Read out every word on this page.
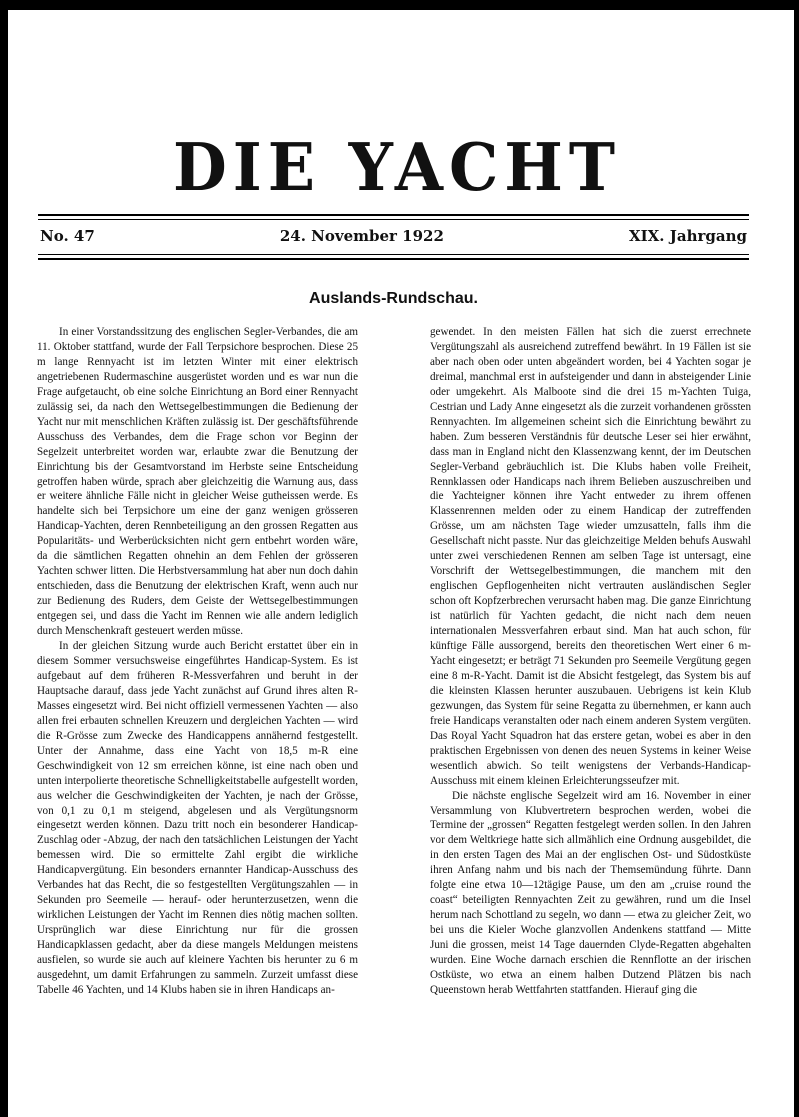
DIE YACHT
No. 47	24. November 1922	XIX. Jahrgang
Auslands-Rundschau.

In einer Vorstandssitzung des englischen Segler-Verbandes, die am 11. Oktober stattfand, wurde der Fall Terpsichore besprochen. Diese 25 m lange Rennyacht ist im letzten Winter mit einer elektrisch angetriebenen Rudermaschine ausgerüstet worden und es war nun die Frage aufgetaucht, ob eine solche Einrichtung an Bord einer Rennyacht zulässig sei, da nach den Wettsegelbestimmungen die Bedienung der Yacht nur mit menschlichen Kräften zulässig ist. Der geschäftsführende Ausschuss des Verbandes, dem die Frage schon vor Beginn der Segelzeit unterbreitet worden war, erlaubte zwar die Benutzung der Einrichtung bis der Gesamtvorstand im Herbste seine Entscheidung getroffen haben würde, sprach aber gleichzeitig die Warnung aus, dass er weitere ähnliche Fälle nicht in gleicher Weise gutheissen werde. Es handelte sich bei Terpsichore um eine der ganz wenigen grösseren Handicap-Yachten, deren Rennbeteiligung an den grossen Regatten aus Popularitäts- und Werberücksichten nicht gern entbehrt worden wäre, da die sämtlichen Regatten ohnehin an dem Fehlen der grösseren Yachten schwer litten. Die Herbstversammlung hat aber nun doch dahin entschieden, dass die Benutzung der elektrischen Kraft, wenn auch nur zur Bedienung des Ruders, dem Geiste der Wettsegelbestimmungen entgegen sei, und dass die Yacht im Rennen wie alle andern lediglich durch Menschenkraft gesteuert werden müsse.

In der gleichen Sitzung wurde auch Bericht erstattet über ein in diesem Sommer versuchsweise eingeführtes Handicap-System. Es ist aufgebaut auf dem früheren R-Messverfahren und beruht in der Hauptsache darauf, dass jede Yacht zunächst auf Grund ihres alten R-Masses eingesetzt wird. Bei nicht offiziell vermessenen Yachten — also allen frei erbauten schnellen Kreuzern und dergleichen Yachten — wird die R-Grösse zum Zwecke des Handicappens annähernd festgestellt. Unter der Annahme, dass eine Yacht von 18,5 m-R eine Geschwindigkeit von 12 sm erreichen könne, ist eine nach oben und unten interpolierte theoretische Schnelligkeitstabelle aufgestellt worden, aus welcher die Geschwindigkeiten der Yachten, je nach der Grösse, von 0,1 zu 0,1 m steigend, abgelesen und als Vergütungsnorm eingesetzt werden können. Dazu tritt noch ein besonderer Handicap-Zuschlag oder -Abzug, der nach den tatsächlichen Leistungen der Yacht bemessen wird. Die so ermittelte Zahl ergibt die wirkliche Handicapvergütung. Ein besonders ernannter Handicap-Ausschuss des Verbandes hat das Recht, die so festgestellten Vergütungszahlen — in Sekunden pro Seemeile — herauf- oder herunterzusetzen, wenn die wirklichen Leistungen der Yacht im Rennen dies nötig machen sollten. Ursprünglich war diese Einrichtung nur für die grossen Handicapklassen gedacht, aber da diese mangels Meldungen meistens ausfielen, so wurde sie auch auf kleinere Yachten bis herunter zu 6 m ausgedehnt, um damit Erfahrungen zu sammeln. Zurzeit umfasst diese Tabelle 46 Yachten, und 14 Klubs haben sie in ihren Handicaps an-

gewendet. In den meisten Fällen hat sich die zuerst errechnete Vergütungszahl als ausreichend zutreffend bewährt. In 19 Fällen ist sie aber nach oben oder unten abgeändert worden, bei 4 Yachten sogar je dreimal, manchmal erst in aufsteigender und dann in absteigender Linie oder umgekehrt. Als Malboote sind die drei 15 m-Yachten Tuiga, Cestrian und Lady Anne eingesetzt als die zurzeit vorhandenen grössten Rennyachten. Im allgemeinen scheint sich die Einrichtung bewährt zu haben. Zum besseren Verständnis für deutsche Leser sei hier erwähnt, dass man in England nicht den Klassenzwang kennt, der im Deutschen Segler-Verband gebräuchlich ist. Die Klubs haben volle Freiheit, Rennklassen oder Handicaps nach ihrem Belieben auszuschreiben und die Yachteigner können ihre Yacht entweder zu ihrem offenen Klassenrennen melden oder zu einem Handicap der zutreffenden Grösse, um am nächsten Tage wieder umzusatteln, falls ihm die Gesellschaft nicht passte. Nur das gleichzeitige Melden behufs Auswahl unter zwei verschiedenen Rennen am selben Tage ist untersagt, eine Vorschrift der Wettsegelbestimmungen, die manchem mit den englischen Gepflogenheiten nicht vertrauten ausländischen Segler schon oft Kopfzerbrechen verursacht haben mag. Die ganze Einrichtung ist natürlich für Yachten gedacht, die nicht nach dem neuen internationalen Messverfahren erbaut sind. Man hat auch schon, für künftige Fälle aussorgend, bereits den theoretischen Wert einer 6 m-Yacht eingesetzt; er beträgt 71 Sekunden pro Seemeile Vergütung gegen eine 8 m-R-Yacht. Damit ist die Absicht festgelegt, das System bis auf die kleinsten Klassen herunter auszubauen. Uebrigens ist kein Klub gezwungen, das System für seine Regatta zu übernehmen, er kann auch freie Handicaps veranstalten oder nach einem anderen System vergüten. Das Royal Yacht Squadron hat das erstere getan, wobei es aber in den praktischen Ergebnissen von denen des neuen Systems in keiner Weise wesentlich abwich. So teilt wenigstens der Verbands-Handicap-Ausschuss mit einem kleinen Erleichterungsseufzer mit.

Die nächste englische Segelzeit wird am 16. November in einer Versammlung von Klubvertretern besprochen werden, wobei die Termine der „grossen“ Regatten festgelegt werden sollen. In den Jahren vor dem Weltkriege hatte sich allmählich eine Ordnung ausgebildet, die in den ersten Tagen des Mai an der englischen Ost- und Südostküste ihren Anfang nahm und bis nach der Themsemündung führte. Dann folgte eine etwa 10—12tägige Pause, um den am „cruise round the coast“ beteiligten Rennyachten Zeit zu gewähren, rund um die Insel herum nach Schottland zu segeln, wo dann — etwa zu gleicher Zeit, wo bei uns die Kieler Woche glanzvollen Andenkens stattfand — Mitte Juni die grossen, meist 14 Tage dauernden Clyde-Regatten abgehalten wurden. Eine Woche darnach erschien die Rennflotte an der irischen Ostküste, wo etwa an einem halben Dutzend Plätzen bis nach Queenstown herab Wettfahrten stattfanden. Hierauf ging die
